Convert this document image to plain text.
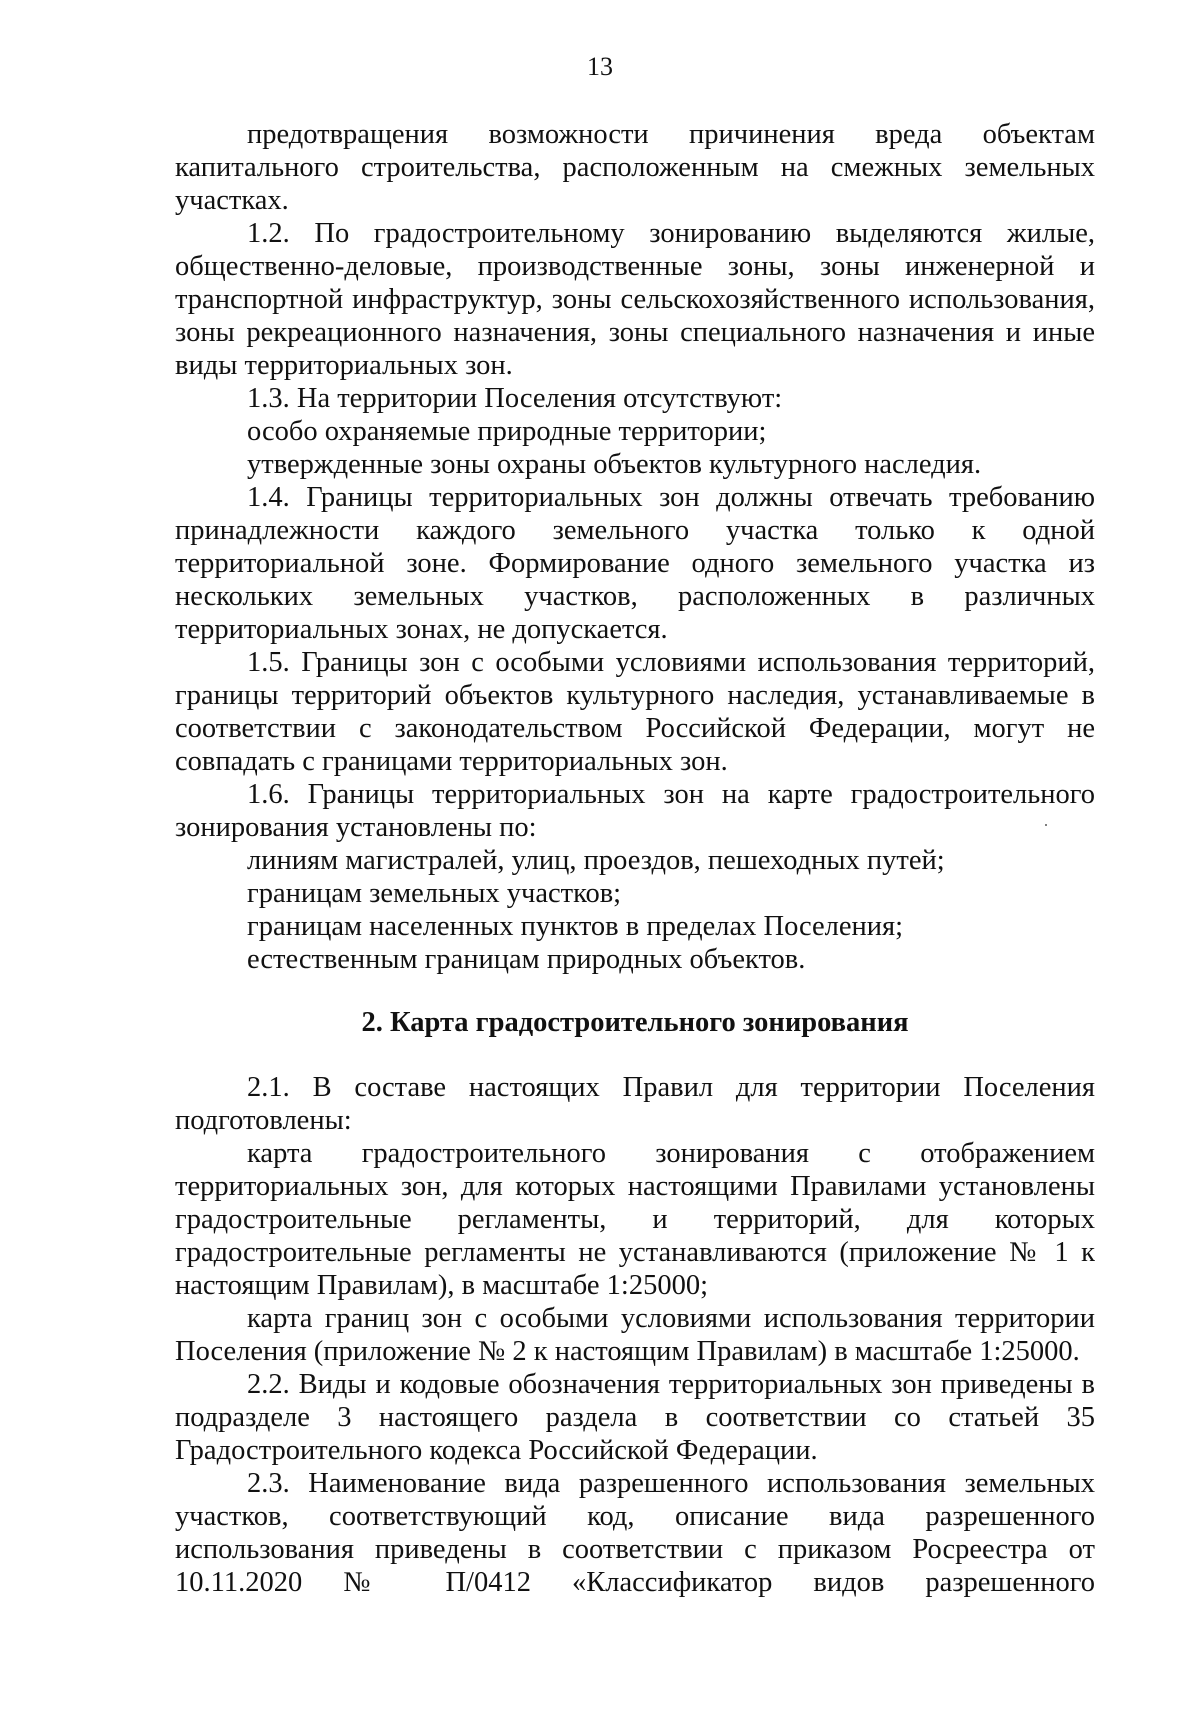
13

предотвращения возможности причинения вреда объектам капитального строительства, расположенным на смежных земельных участках.

1.2. По градостроительному зонированию выделяются жилые, общественно-деловые, производственные зоны, зоны инженерной и транспортной инфраструктур, зоны сельскохозяйственного использования, зоны рекреационного назначения, зоны специального назначения и иные виды территориальных зон.

1.3. На территории Поселения отсутствуют:

особо охраняемые природные территории;

утвержденные зоны охраны объектов культурного наследия.

1.4. Границы территориальных зон должны отвечать требованию принадлежности каждого земельного участка только к одной территориальной зоне. Формирование одного земельного участка из нескольких земельных участков, расположенных в различных территориальных зонах, не допускается.

1.5. Границы зон с особыми условиями использования территорий, границы территорий объектов культурного наследия, устанавливаемые в соответствии с законодательством Российской Федерации, могут не совпадать с границами территориальных зон.

1.6. Границы территориальных зон на карте градостроительного зонирования установлены по:

линиям магистралей, улиц, проездов, пешеходных путей;

границам земельных участков;

границам населенных пунктов в пределах Поселения;

естественным границам природных объектов.

2. Карта градостроительного зонирования

2.1. В составе настоящих Правил для территории Поселения подготовлены:

карта градостроительного зонирования с отображением территориальных зон, для которых настоящими Правилами установлены градостроительные регламенты, и территорий, для которых градостроительные регламенты не устанавливаются (приложение № 1 к настоящим Правилам), в масштабе 1:25000;

карта границ зон с особыми условиями использования территории Поселения (приложение № 2 к настоящим Правилам) в масштабе 1:25000.

2.2. Виды и кодовые обозначения территориальных зон приведены в подразделе 3 настоящего раздела в соответствии со статьей 35 Градостроительного кодекса Российской Федерации.

2.3. Наименование вида разрешенного использования земельных участков, соответствующий код, описание вида разрешенного использования приведены в соответствии с приказом Росреестра от 10.11.2020 № П/0412 «Классификатор видов разрешенного
